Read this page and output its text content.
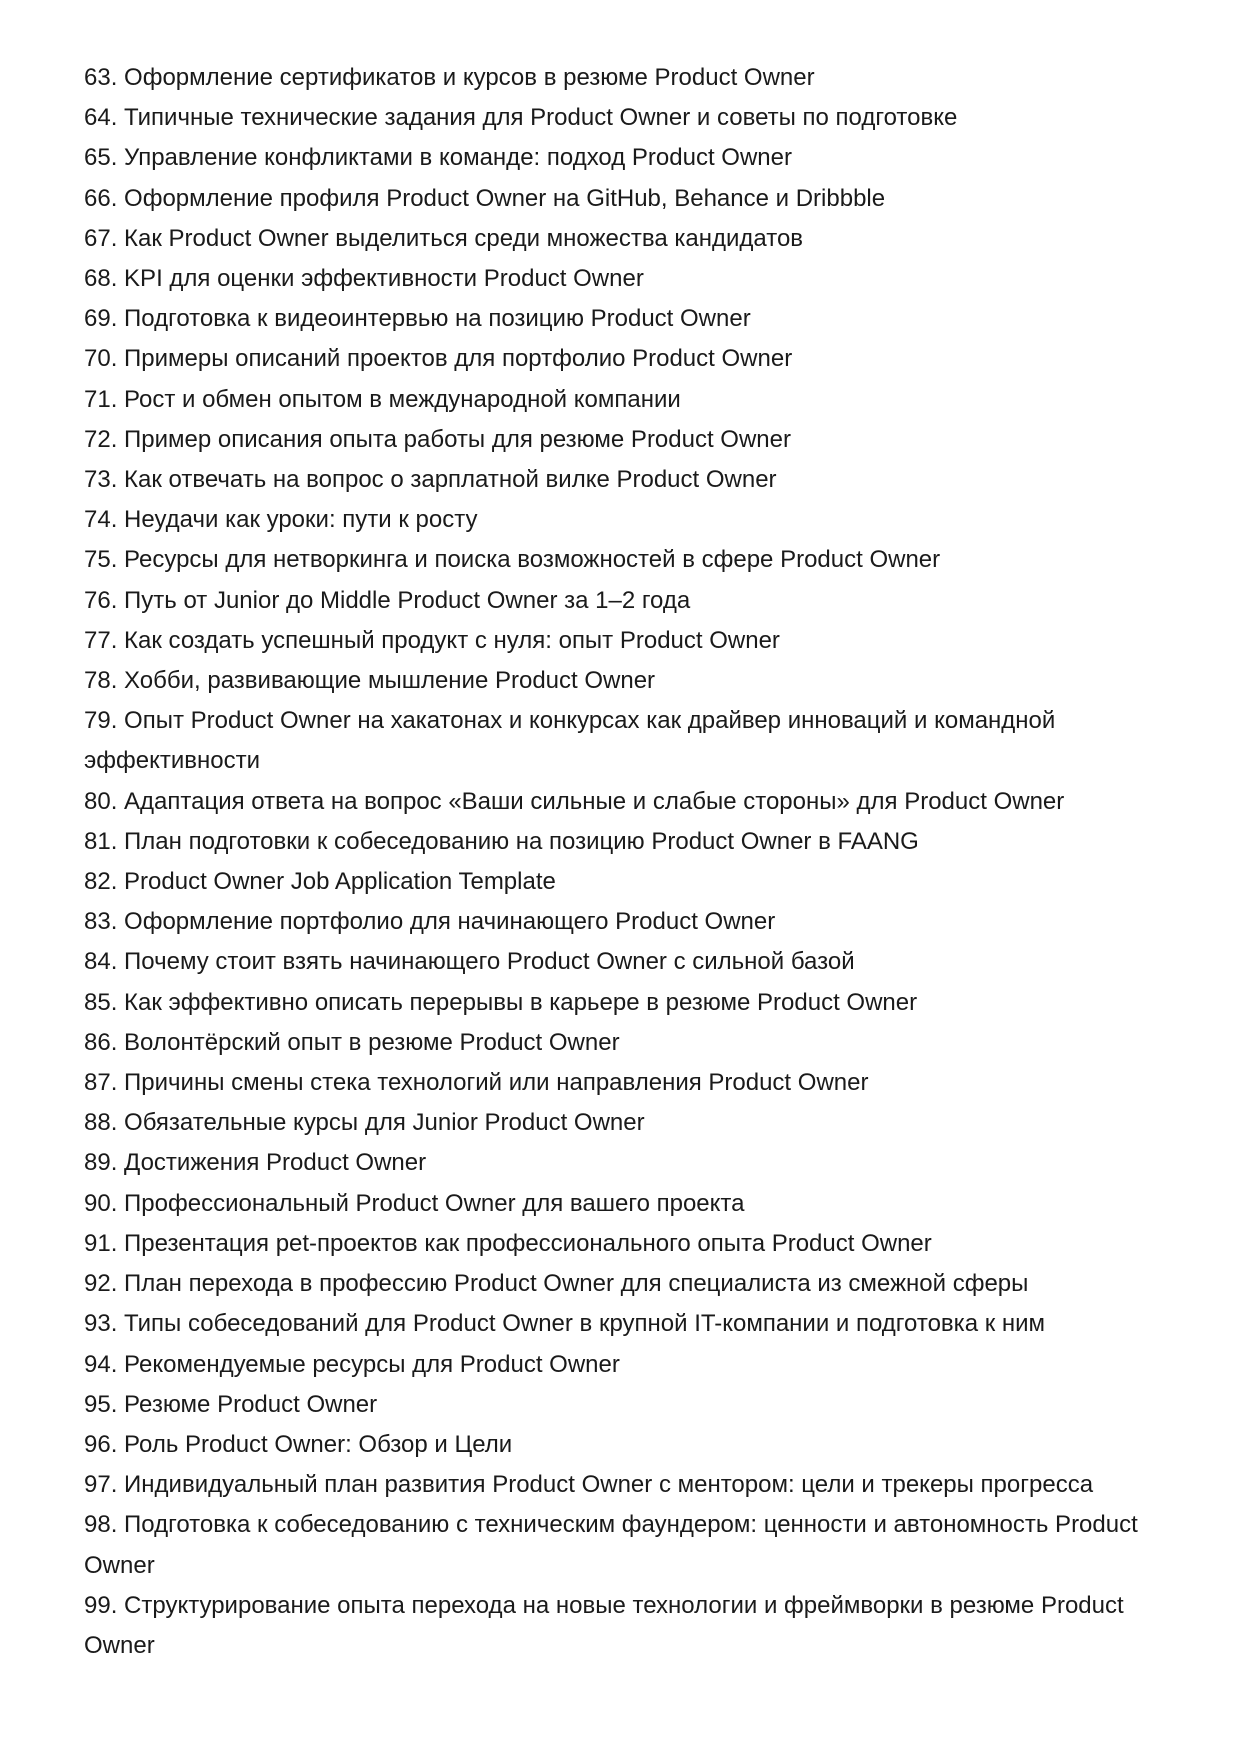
63. Оформление сертификатов и курсов в резюме Product Owner
64. Типичные технические задания для Product Owner и советы по подготовке
65. Управление конфликтами в команде: подход Product Owner
66. Оформление профиля Product Owner на GitHub, Behance и Dribbble
67. Как Product Owner выделиться среди множества кандидатов
68. KPI для оценки эффективности Product Owner
69. Подготовка к видеоинтервью на позицию Product Owner
70. Примеры описаний проектов для портфолио Product Owner
71. Рост и обмен опытом в международной компании
72. Пример описания опыта работы для резюме Product Owner
73. Как отвечать на вопрос о зарплатной вилке Product Owner
74. Неудачи как уроки: пути к росту
75. Ресурсы для нетворкинга и поиска возможностей в сфере Product Owner
76. Путь от Junior до Middle Product Owner за 1–2 года
77. Как создать успешный продукт с нуля: опыт Product Owner
78. Хобби, развивающие мышление Product Owner
79. Опыт Product Owner на хакатонах и конкурсах как драйвер инноваций и командной эффективности
80. Адаптация ответа на вопрос «Ваши сильные и слабые стороны» для Product Owner
81. План подготовки к собеседованию на позицию Product Owner в FAANG
82. Product Owner Job Application Template
83. Оформление портфолио для начинающего Product Owner
84. Почему стоит взять начинающего Product Owner с сильной базой
85. Как эффективно описать перерывы в карьере в резюме Product Owner
86. Волонтёрский опыт в резюме Product Owner
87. Причины смены стека технологий или направления Product Owner
88. Обязательные курсы для Junior Product Owner
89. Достижения Product Owner
90. Профессиональный Product Owner для вашего проекта
91. Презентация pet-проектов как профессионального опыта Product Owner
92. План перехода в профессию Product Owner для специалиста из смежной сферы
93. Типы собеседований для Product Owner в крупной IT-компании и подготовка к ним
94. Рекомендуемые ресурсы для Product Owner
95. Резюме Product Owner
96. Роль Product Owner: Обзор и Цели
97. Индивидуальный план развития Product Owner с ментором: цели и трекеры прогресса
98. Подготовка к собеседованию с техническим фаундером: ценности и автономность Product Owner
99. Структурирование опыта перехода на новые технологии и фреймворки в резюме Product Owner
